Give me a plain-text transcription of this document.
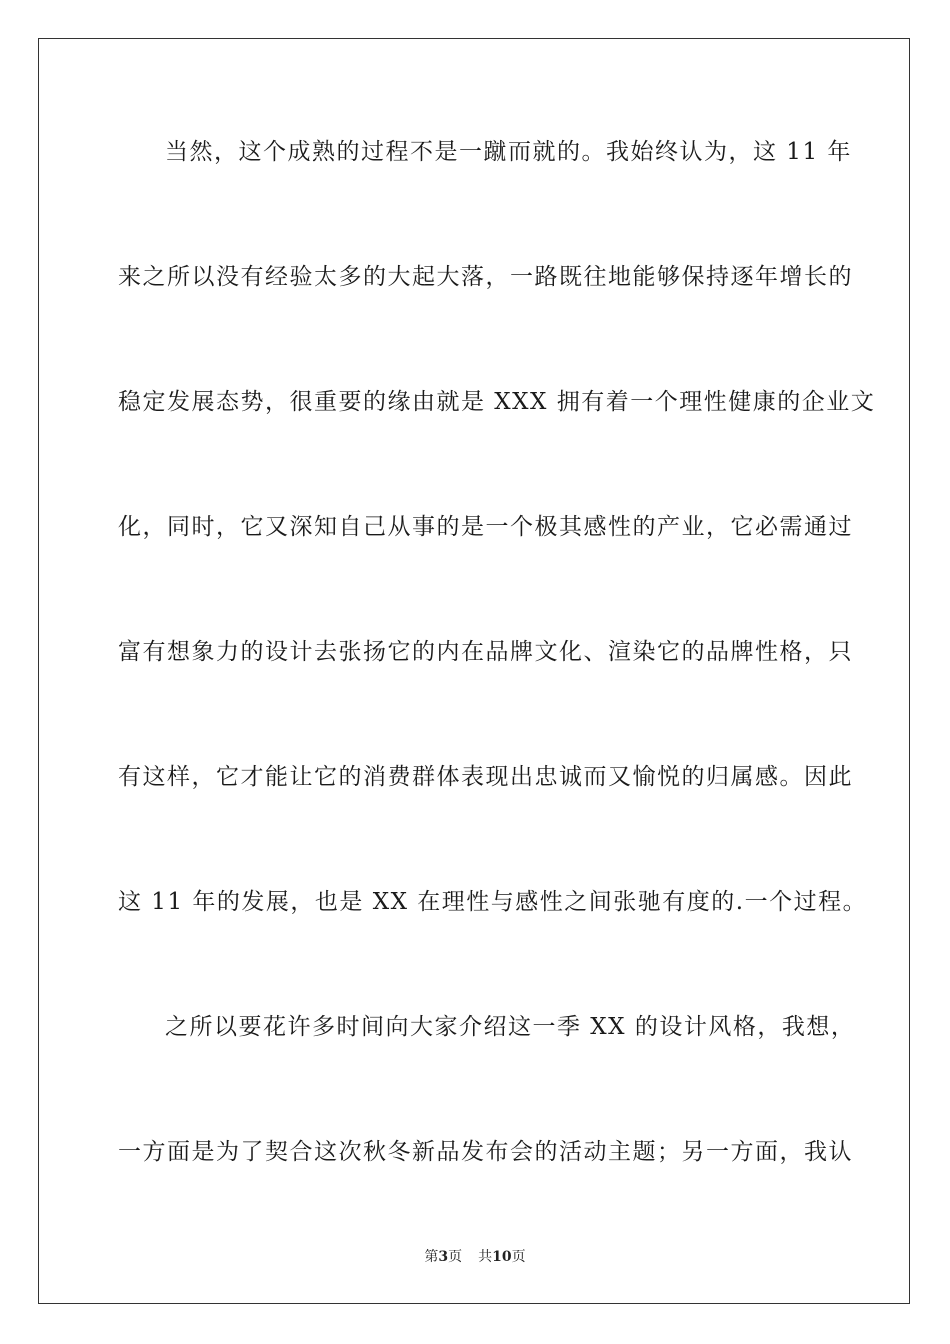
当然，这个成熟的过程不是一蹴而就的。我始终认为，这 11 年
来之所以没有经验太多的大起大落，一路既往地能够保持逐年增长的
稳定发展态势，很重要的缘由就是 XXX 拥有着一个理性健康的企业文
化，同时，它又深知自己从事的是一个极其感性的产业，它必需通过
富有想象力的设计去张扬它的内在品牌文化、渲染它的品牌性格，只
有这样，它才能让它的消费群体表现出忠诚而又愉悦的归属感。因此
这 11 年的发展，也是 XX 在理性与感性之间张驰有度的.一个过程。
之所以要花许多时间向大家介绍这一季 XX 的设计风格，我想，
一方面是为了契合这次秋冬新品发布会的活动主题；另一方面，我认
第3页 共10页
